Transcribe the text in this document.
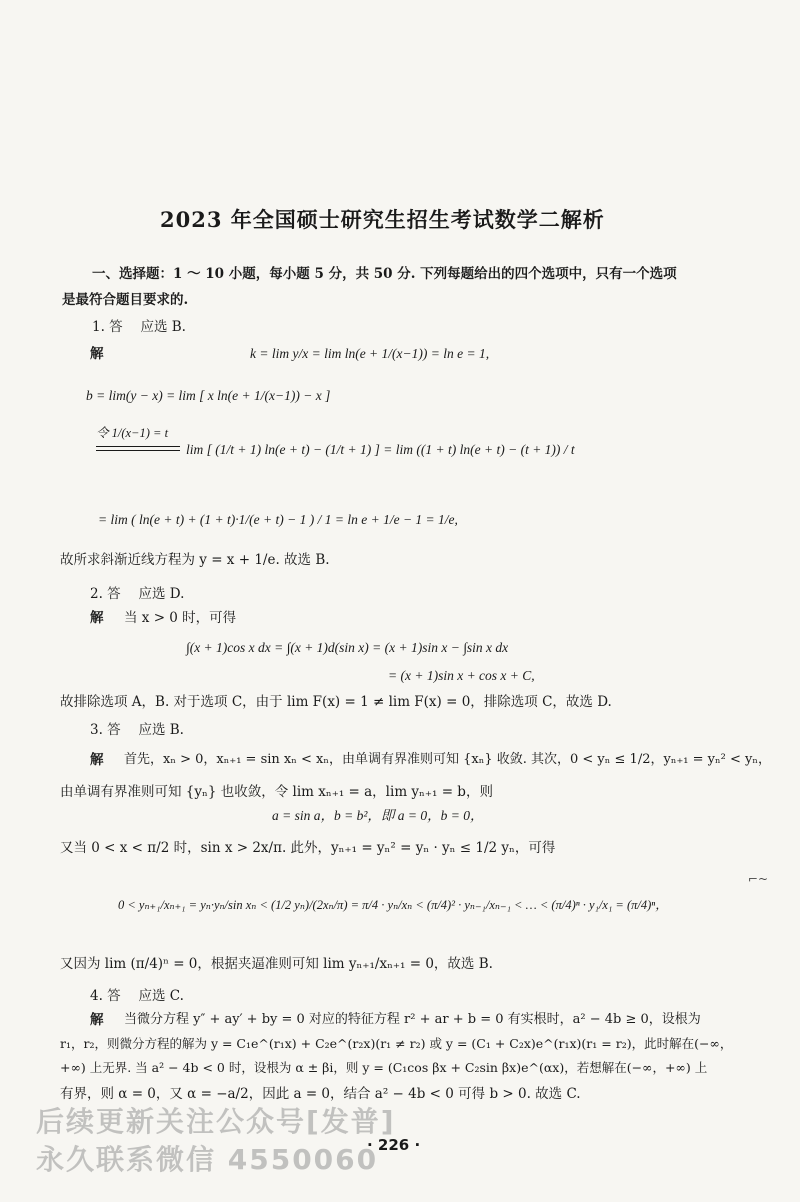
2023 年全国硕士研究生招生考试数学二解析
一、选择题：1 ～ 10 小题，每小题 5 分，共 50 分. 下列每题给出的四个选项中，只有一个选项
是最符合题目要求的.
1. 答　 应选 B.
解	k = lim y/x = lim ln(e + 1/(x−1)) = ln e = 1,
b = lim(y − x) = lim [ x ln(e + 1/(x−1)) − x ]
令 1/(x−1) = t
lim [ (1/t + 1) ln(e + t) − (1/t + 1) ] = lim ((1 + t) ln(e + t) − (t + 1)) / t
= lim ( ln(e + t) + (1 + t)·1/(e + t) − 1 ) / 1 = ln e + 1/e − 1 = 1/e,
故所求斜渐近线方程为 y = x + 1/e. 故选 B.
2. 答　 应选 D.
解 当 x > 0 时，可得
∫(x + 1)cos x dx = ∫(x + 1)d(sin x) = (x + 1)sin x − ∫sin x dx
= (x + 1)sin x + cos x + C,
故排除选项 A，B. 对于选项 C，由于 lim F(x) = 1 ≠ lim F(x) = 0，排除选项 C，故选 D.
3. 答　 应选 B.
解 首先，xₙ > 0，xₙ₊₁ = sin xₙ < xₙ，由单调有界准则可知 {xₙ} 收敛. 其次，0 < yₙ ≤ 1/2，yₙ₊₁ = yₙ² < yₙ，
由单调有界准则可知 {yₙ} 也收敛，令 lim xₙ₊₁ = a，lim yₙ₊₁ = b，则
a = sin a，b = b²，即 a = 0，b = 0，
又当 0 < x < π/2 时，sin x > 2x/π. 此外，yₙ₊₁ = yₙ² = yₙ · yₙ ≤ 1/2 yₙ，可得
0 < yₙ₊₁/xₙ₊₁ = yₙ·yₙ/sin xₙ < (1/2 yₙ)/(2xₙ/π) = π/4 · yₙ/xₙ < (π/4)² · yₙ₋₁/xₙ₋₁ < … < (π/4)ⁿ · y₁/x₁ = (π/4)ⁿ，
又因为 lim (π/4)ⁿ = 0，根据夹逼准则可知 lim yₙ₊₁/xₙ₊₁ = 0，故选 B.
4. 答　 应选 C.
解 当微分方程 y″ + ay′ + by = 0 对应的特征方程 r² + ar + b = 0 有实根时，a² − 4b ≥ 0，设根为
r₁，r₂，则微分方程的解为 y = C₁e^(r₁x) + C₂e^(r₂x)(r₁ ≠ r₂) 或 y = (C₁ + C₂x)e^(r₁x)(r₁ = r₂)，此时解在(−∞，
+∞) 上无界. 当 a² − 4b < 0 时，设根为 α ± βi，则 y = (C₁cos βx + C₂sin βx)e^(αx)，若想解在(−∞，+∞) 上
有界，则 α = 0，又 α = −a/2，因此 a = 0，结合 a² − 4b < 0 可得 b > 0. 故选 C.
⌐~
后续更新关注公众号[发普]
永久联系微信 4550060
· 226 ·
